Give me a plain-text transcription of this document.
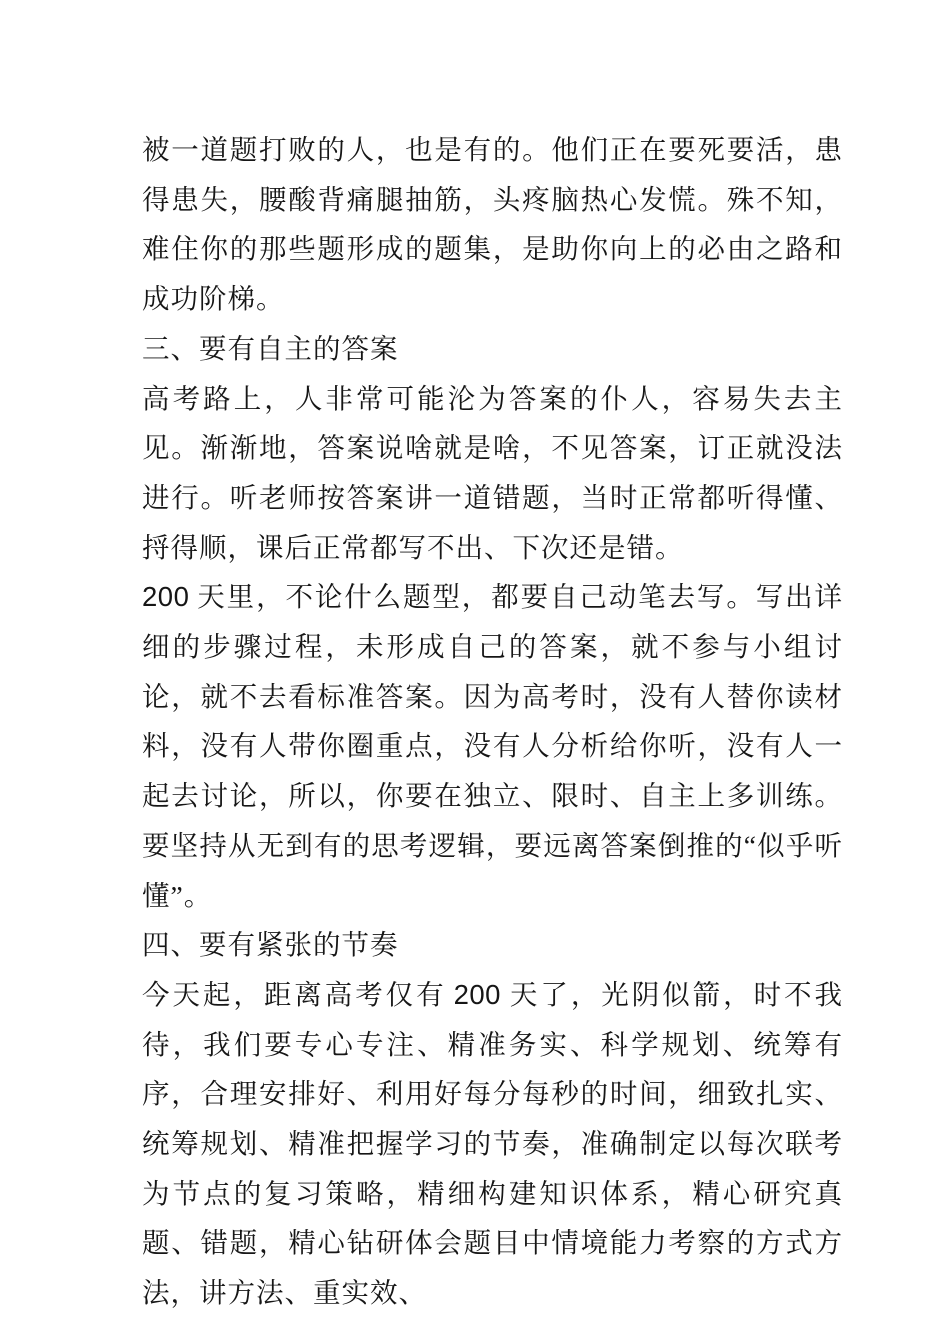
被一道题打败的人，也是有的。他们正在要死要活，患得患失，腰酸背痛腿抽筋，头疼脑热心发慌。殊不知，难住你的那些题形成的题集，是助你向上的必由之路和成功阶梯。

三、要有自主的答案

高考路上，人非常可能沦为答案的仆人，容易失去主见。渐渐地，答案说啥就是啥，不见答案，订正就没法进行。听老师按答案讲一道错题，当时正常都听得懂、捋得顺，课后正常都写不出、下次还是错。

200 天里，不论什么题型，都要自己动笔去写。写出详细的步骤过程，未形成自己的答案，就不参与小组讨论，就不去看标准答案。因为高考时，没有人替你读材料，没有人带你圈重点，没有人分析给你听，没有人一起去讨论，所以，你要在独立、限时、自主上多训练。要坚持从无到有的思考逻辑，要远离答案倒推的“似乎听懂”。

四、要有紧张的节奏

今天起，距离高考仅有 200 天了，光阴似箭，时不我待，我们要专心专注、精准务实、科学规划、统筹有序，合理安排好、利用好每分每秒的时间，细致扎实、统筹规划、精准把握学习的节奏，准确制定以每次联考为节点的复习策略，精细构建知识体系，精心研究真题、错题，精心钻研体会题目中情境能力考察的方式方法，讲方法、重实效、
